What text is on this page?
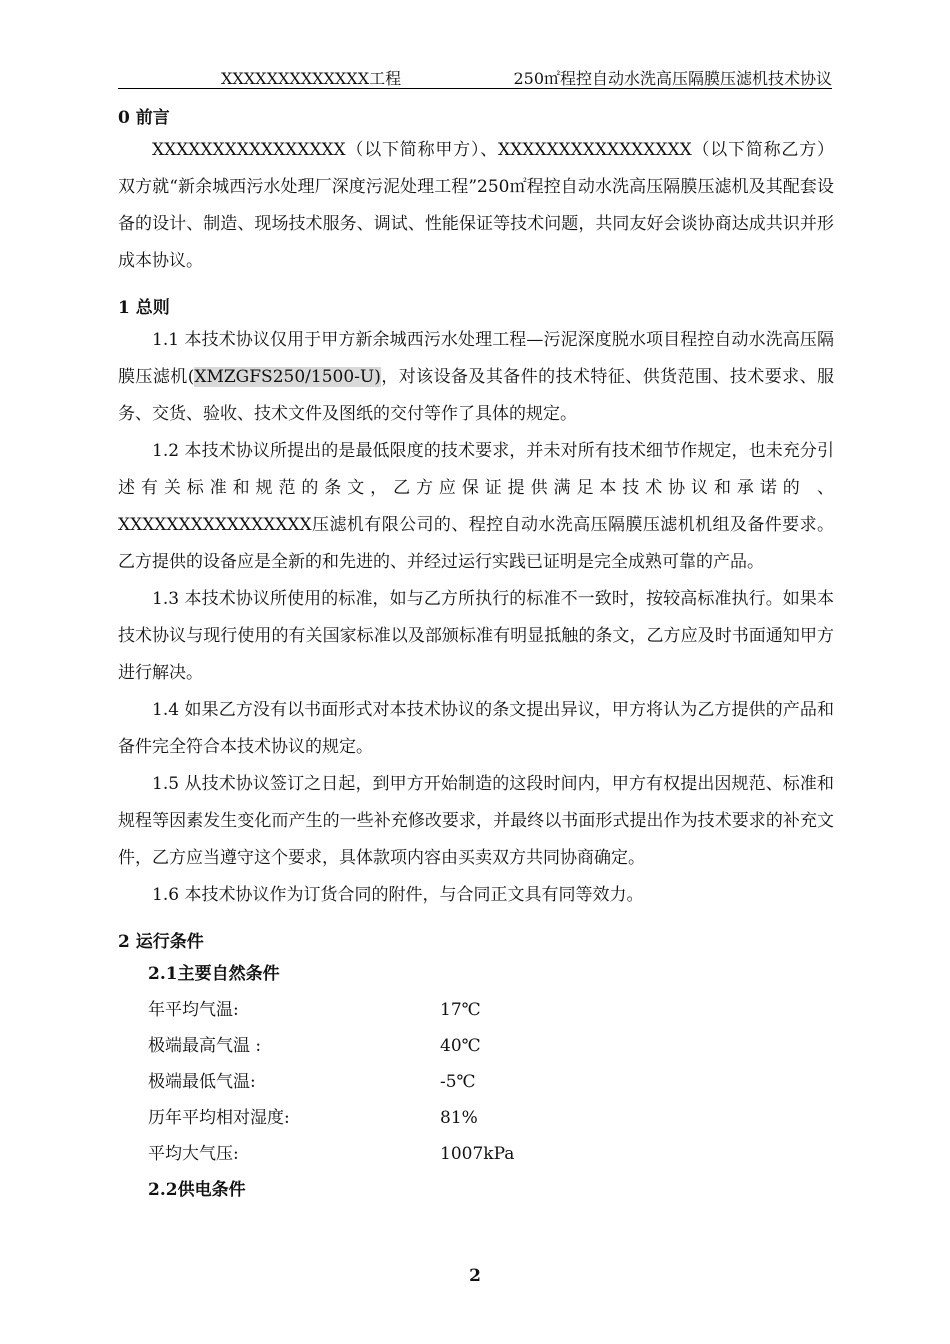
XXXXXXXXXXXXX工程	250㎡程控自动水洗高压隔膜压滤机技术协议
0 前言

XXXXXXXXXXXXXXXX（以下简称甲方）、XXXXXXXXXXXXXXXX（以下简称乙方）双方就“新余城西污水处理厂深度污泥处理工程”250㎡程控自动水洗高压隔膜压滤机及其配套设备的设计、制造、现场技术服务、调试、性能保证等技术问题，共同友好会谈协商达成共识并形成本协议。

1 总则

1.1 本技术协议仅用于甲方新余城西污水处理工程—污泥深度脱水项目程控自动水洗高压隔膜压滤机(XMZGFS250/1500-U)，对该设备及其备件的技术特征、供货范围、技术要求、服务、交货、验收、技术文件及图纸的交付等作了具体的规定。

1.2 本技术协议所提出的是最低限度的技术要求，并未对所有技术细节作规定，也未充分引述有关标准和规范的条文，乙方应保证提供满足本技术协议和承诺的 、XXXXXXXXXXXXXXXX压滤机有限公司的、程控自动水洗高压隔膜压滤机机组及备件要求。乙方提供的设备应是全新的和先进的、并经过运行实践已证明是完全成熟可靠的产品。

1.3 本技术协议所使用的标准，如与乙方所执行的标准不一致时，按较高标准执行。如果本技术协议与现行使用的有关国家标准以及部颁标准有明显抵触的条文，乙方应及时书面通知甲方进行解决。

1.4 如果乙方没有以书面形式对本技术协议的条文提出异议，甲方将认为乙方提供的产品和备件完全符合本技术协议的规定。

1.5 从技术协议签订之日起，到甲方开始制造的这段时间内，甲方有权提出因规范、标准和规程等因素发生变化而产生的一些补充修改要求，并最终以书面形式提出作为技术要求的补充文件，乙方应当遵守这个要求，具体款项内容由买卖双方共同协商确定。

1.6 本技术协议作为订货合同的附件，与合同正文具有同等效力。

2 运行条件
2.1主要自然条件
年平均气温:	17℃
极端最高气温 :	40℃
极端最低气温:	-5℃
历年平均相对湿度:	81%
平均大气压:	1007kPa
2.2供电条件
2
